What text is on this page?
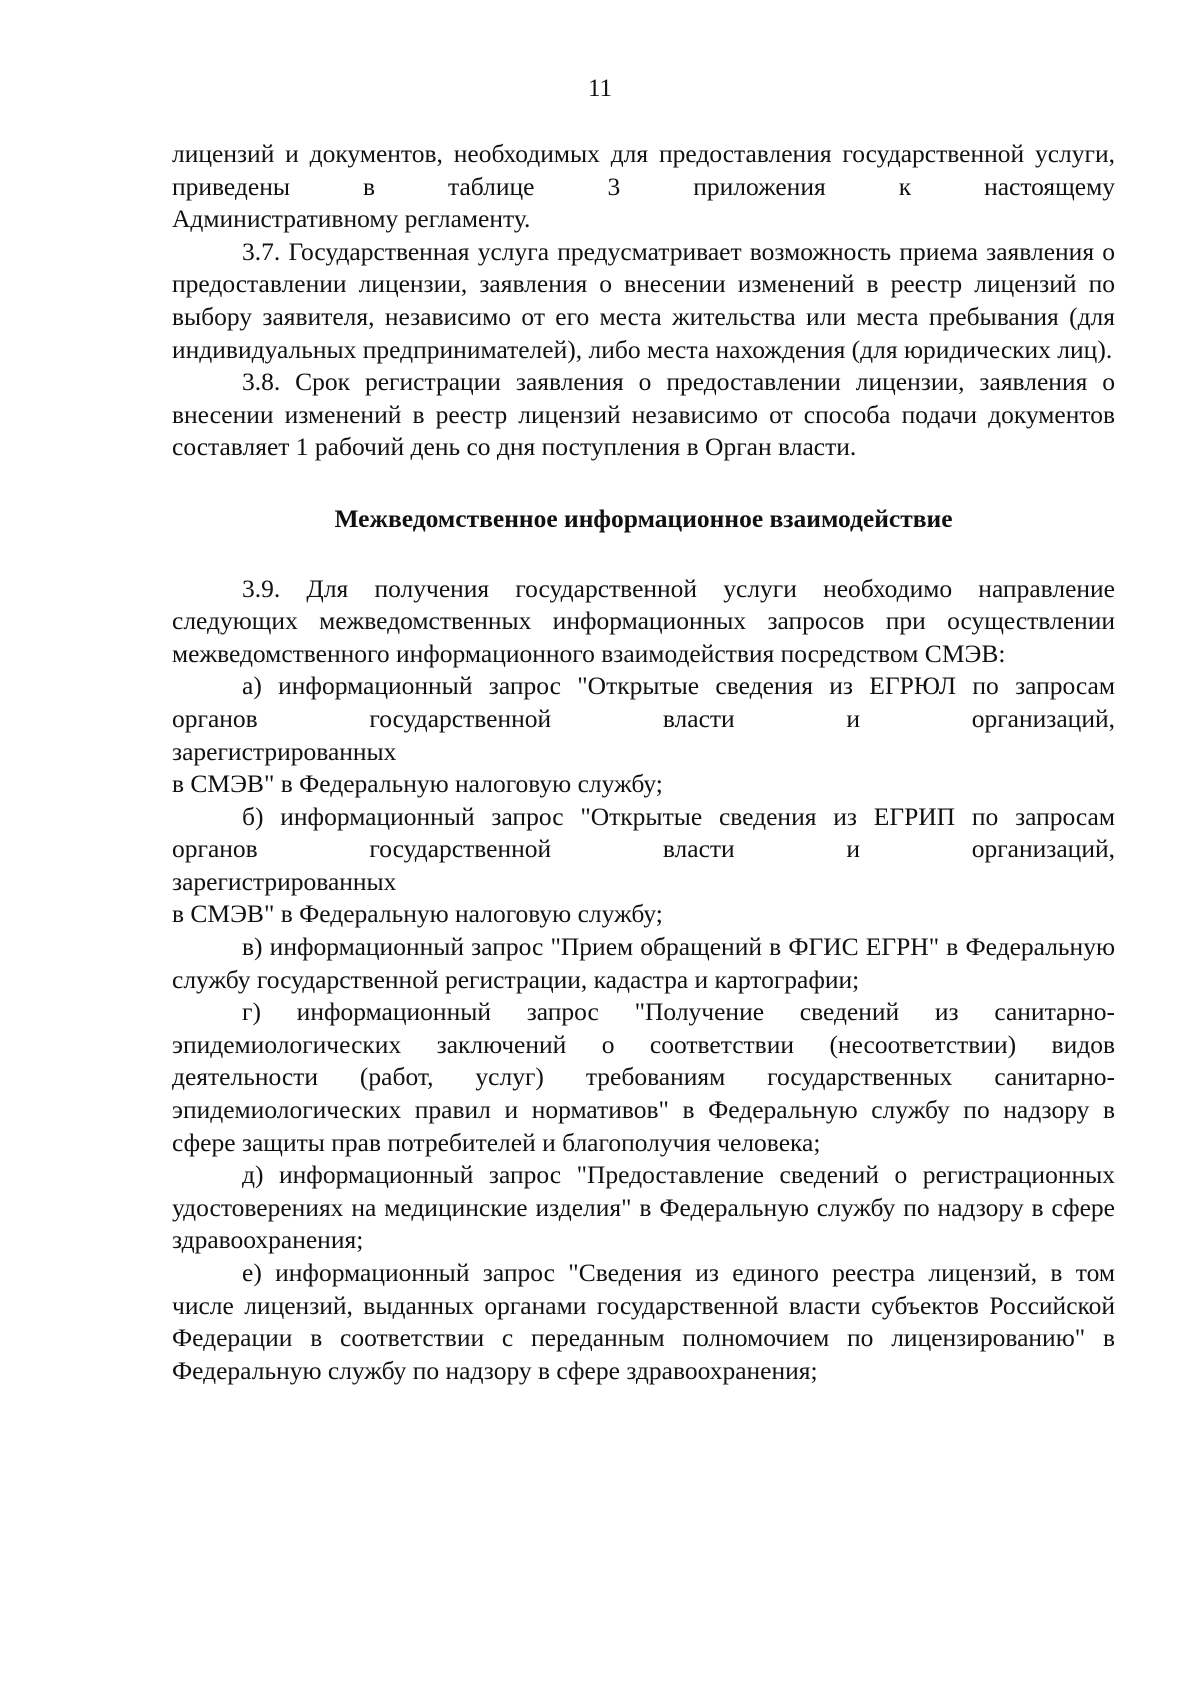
11

лицензий и документов, необходимых для предоставления государственной услуги, приведены в таблице 3 приложения к настоящему

Административному регламенту.

3.7. Государственная услуга предусматривает возможность приема заявления о предоставлении лицензии, заявления о внесении изменений в реестр лицензий по выбору заявителя, независимо от его места жительства или места пребывания (для индивидуальных предпринимателей), либо места нахождения (для юридических лиц).

3.8. Срок регистрации заявления о предоставлении лицензии, заявления о внесении изменений в реестр лицензий независимо от способа подачи документов составляет 1 рабочий день со дня поступления в Орган власти.

Межведомственное информационное взаимодействие

3.9. Для получения государственной услуги необходимо направление следующих межведомственных информационных запросов при осуществлении межведомственного информационного взаимодействия посредством СМЭВ:

а) информационный запрос "Открытые сведения из ЕГРЮЛ по запросам органов государственной власти и организаций,

зарегистрированных

в СМЭВ" в Федеральную налоговую службу;

б) информационный запрос "Открытые сведения из ЕГРИП по запросам органов государственной власти и организаций,

зарегистрированных

в СМЭВ" в Федеральную налоговую службу;

в) информационный запрос "Прием обращений в ФГИС ЕГРН" в Федеральную службу государственной регистрации, кадастра и картографии;

г) информационный запрос "Получение сведений из санитарно-эпидемиологических заключений о соответствии (несоответствии) видов деятельности (работ, услуг) требованиям государственных санитарно-эпидемиологических правил и нормативов" в Федеральную службу по надзору в сфере защиты прав потребителей и благополучия человека;

д) информационный запрос "Предоставление сведений о регистрационных удостоверениях на медицинские изделия" в Федеральную службу по надзору в сфере здравоохранения;

е) информационный запрос "Сведения из единого реестра лицензий, в том числе лицензий, выданных органами государственной власти субъектов Российской Федерации в соответствии с переданным полномочием по лицензированию" в Федеральную службу по надзору в сфере здравоохранения;
